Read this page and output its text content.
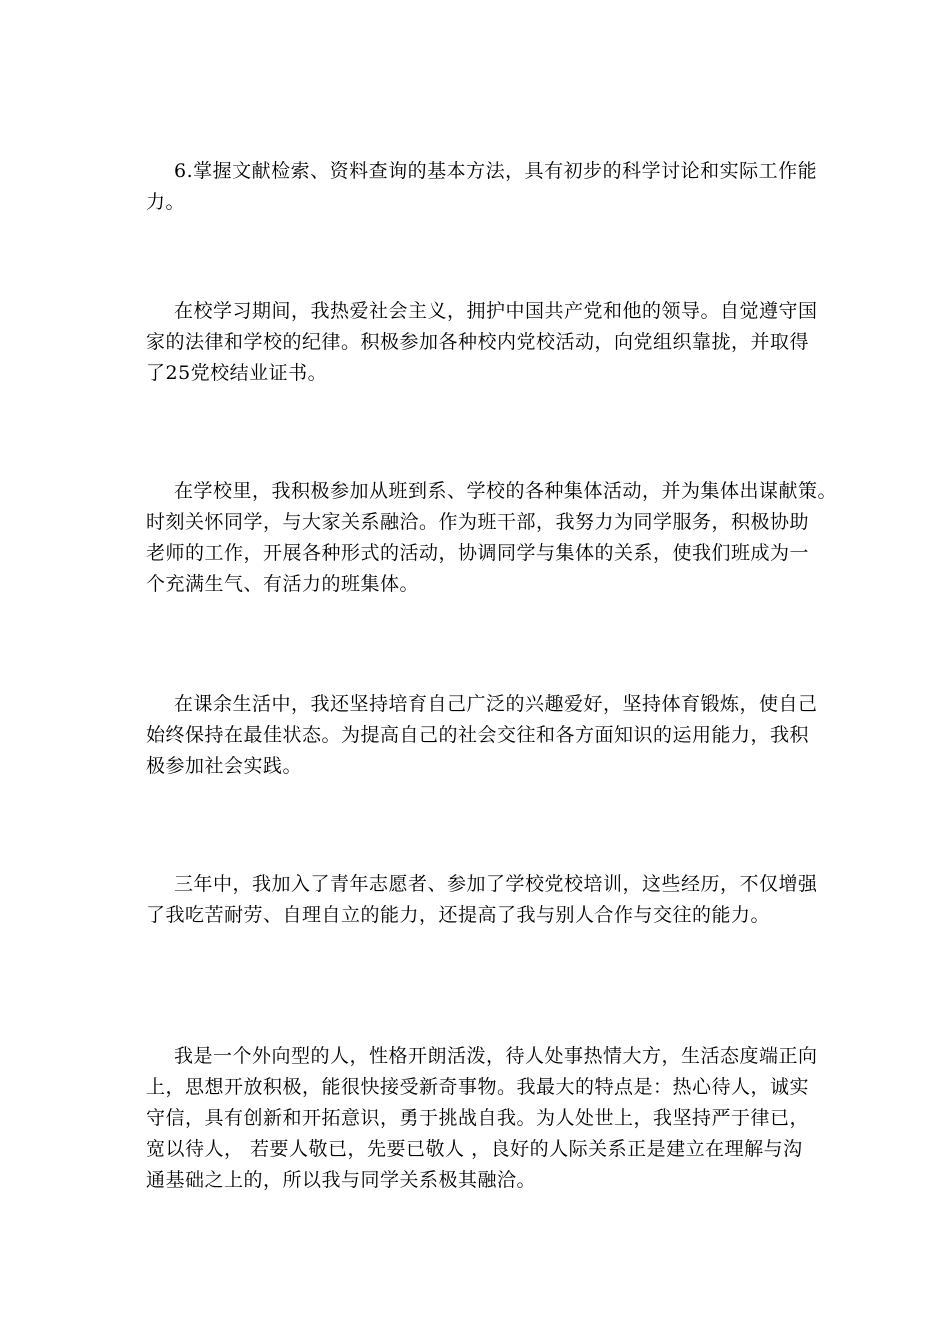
6.掌握文献检索、资料查询的基本方法，具有初步的科学讨论和实际工作能
力。
在校学习期间，我热爱社会主义，拥护中国共产党和他的领导。自觉遵守国
家的法律和学校的纪律。积极参加各种校内党校活动，向党组织靠拢，并取得
了25党校结业证书。
在学校里，我积极参加从班到系、学校的各种集体活动，并为集体出谋献策。
时刻关怀同学，与大家关系融洽。作为班干部，我努力为同学服务，积极协助
老师的工作，开展各种形式的活动，协调同学与集体的关系，使我们班成为一
个充满生气、有活力的班集体。
在课余生活中，我还坚持培育自己广泛的兴趣爱好，坚持体育锻炼，使自己
始终保持在最佳状态。为提高自己的社会交往和各方面知识的运用能力，我积
极参加社会实践。
三年中，我加入了青年志愿者、参加了学校党校培训，这些经历，不仅增强
了我吃苦耐劳、自理自立的能力，还提高了我与别人合作与交往的能力。
我是一个外向型的人，性格开朗活泼，待人处事热情大方，生活态度端正向
上，思想开放积极，能很快接受新奇事物。我最大的特点是：热心待人，诚实
守信，具有创新和开拓意识，勇于挑战自我。为人处世上，我坚持严于律已，
宽以待人， 若要人敬已，先要已敬人 ，良好的人际关系正是建立在理解与沟
通基础之上的，所以我与同学关系极其融洽。
